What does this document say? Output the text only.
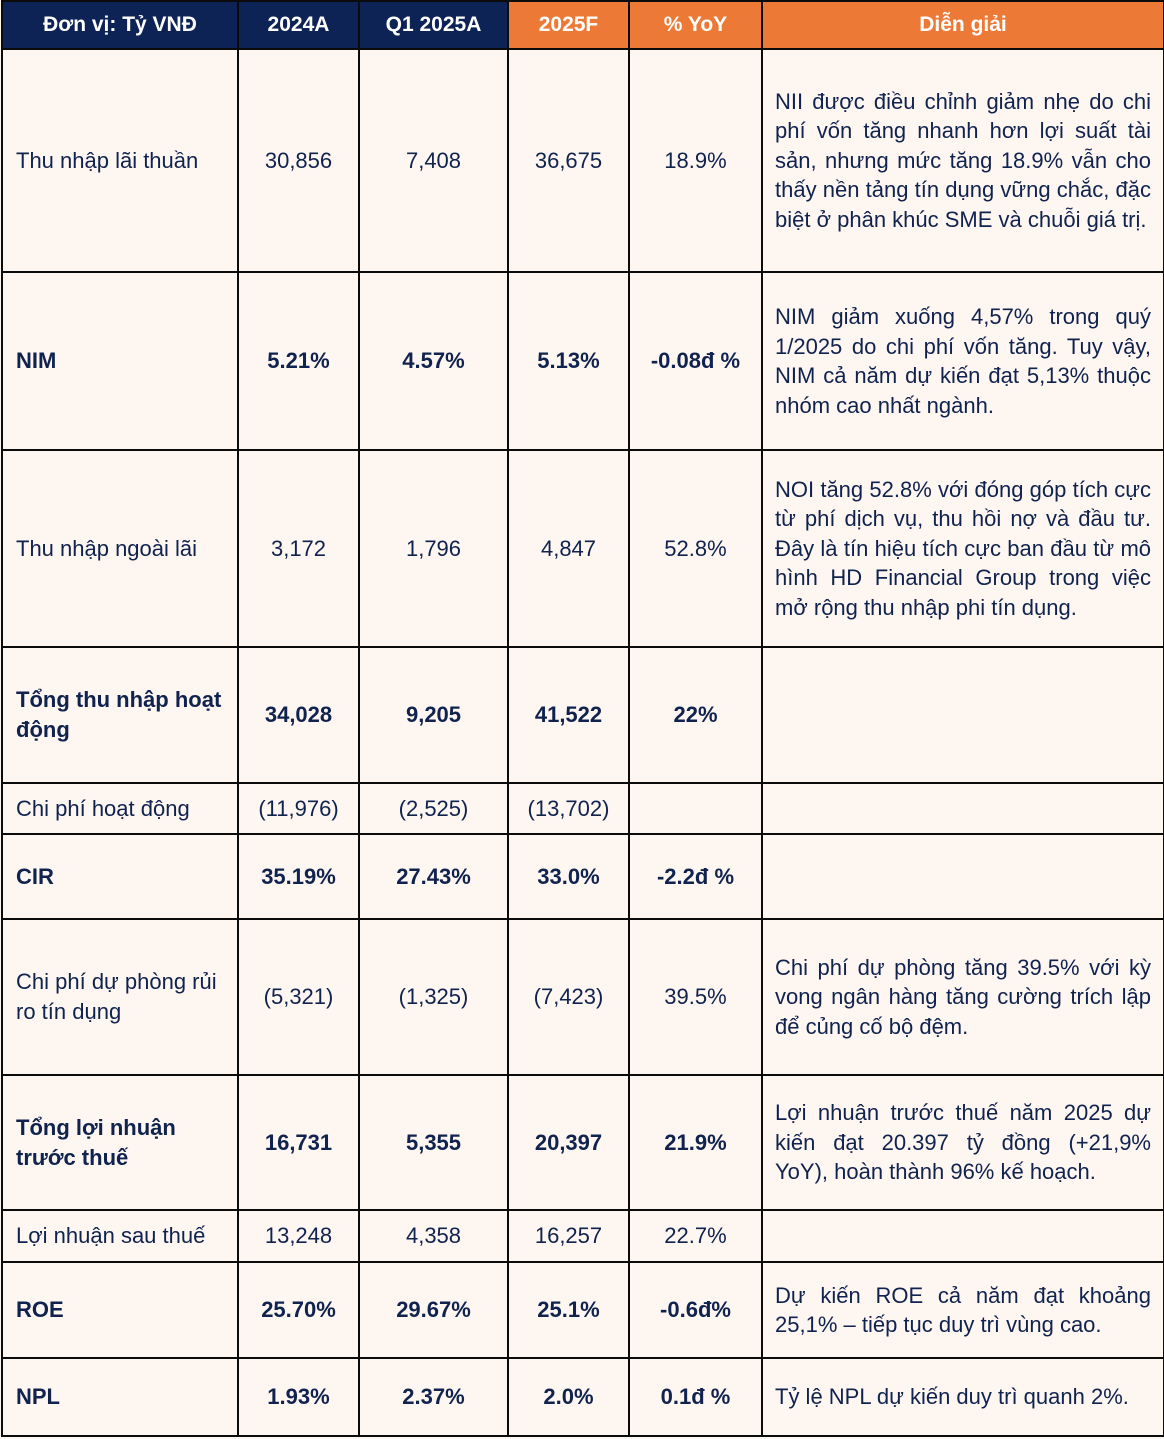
Đơn vị: Tỷ VNĐ	2024A	Q1 2025A	2025F	% YoY	Diễn giải
Thu nhập lãi thuần	30,856	7,408	36,675	18.9%	NII được điều chỉnh giảm nhẹ do chi phí vốn tăng nhanh hơn lợi suất tài sản, nhưng mức tăng 18.9% vẫn cho thấy nền tảng tín dụng vững chắc, đặc biệt ở phân khúc SME và chuỗi giá trị.
NIM	5.21%	4.57%	5.13%	-0.08đ %	NIM giảm xuống 4,57% trong quý 1/2025 do chi phí vốn tăng. Tuy vậy, NIM cả năm dự kiến đạt 5,13% thuộc nhóm cao nhất ngành.
Thu nhập ngoài lãi	3,172	1,796	4,847	52.8%	NOI tăng 52.8% với đóng góp tích cực từ phí dịch vụ, thu hồi nợ và đầu tư. Đây là tín hiệu tích cực ban đầu từ mô hình HD Financial Group trong việc mở rộng thu nhập phi tín dụng.
Tổng thu nhập hoạt động	34,028	9,205	41,522	22%	
Chi phí hoạt động	(11,976)	(2,525)	(13,702)		
CIR	35.19%	27.43%	33.0%	-2.2đ %	
Chi phí dự phòng rủi ro tín dụng	(5,321)	(1,325)	(7,423)	39.5%	Chi phí dự phòng tăng 39.5% với kỳ vong ngân hàng tăng cường trích lập để củng cố bộ đệm.
Tổng lợi nhuận trước thuế	16,731	5,355	20,397	21.9%	Lợi nhuận trước thuế năm 2025 dự kiến đạt 20.397 tỷ đồng (+21,9% YoY), hoàn thành 96% kế hoạch.
Lợi nhuận sau thuế	13,248	4,358	16,257	22.7%	
ROE	25.70%	29.67%	25.1%	-0.6đ%	Dự kiến ROE cả năm đạt khoảng 25,1% – tiếp tục duy trì vùng cao.
NPL	1.93%	2.37%	2.0%	0.1đ %	Tỷ lệ NPL dự kiến duy trì quanh 2%.
